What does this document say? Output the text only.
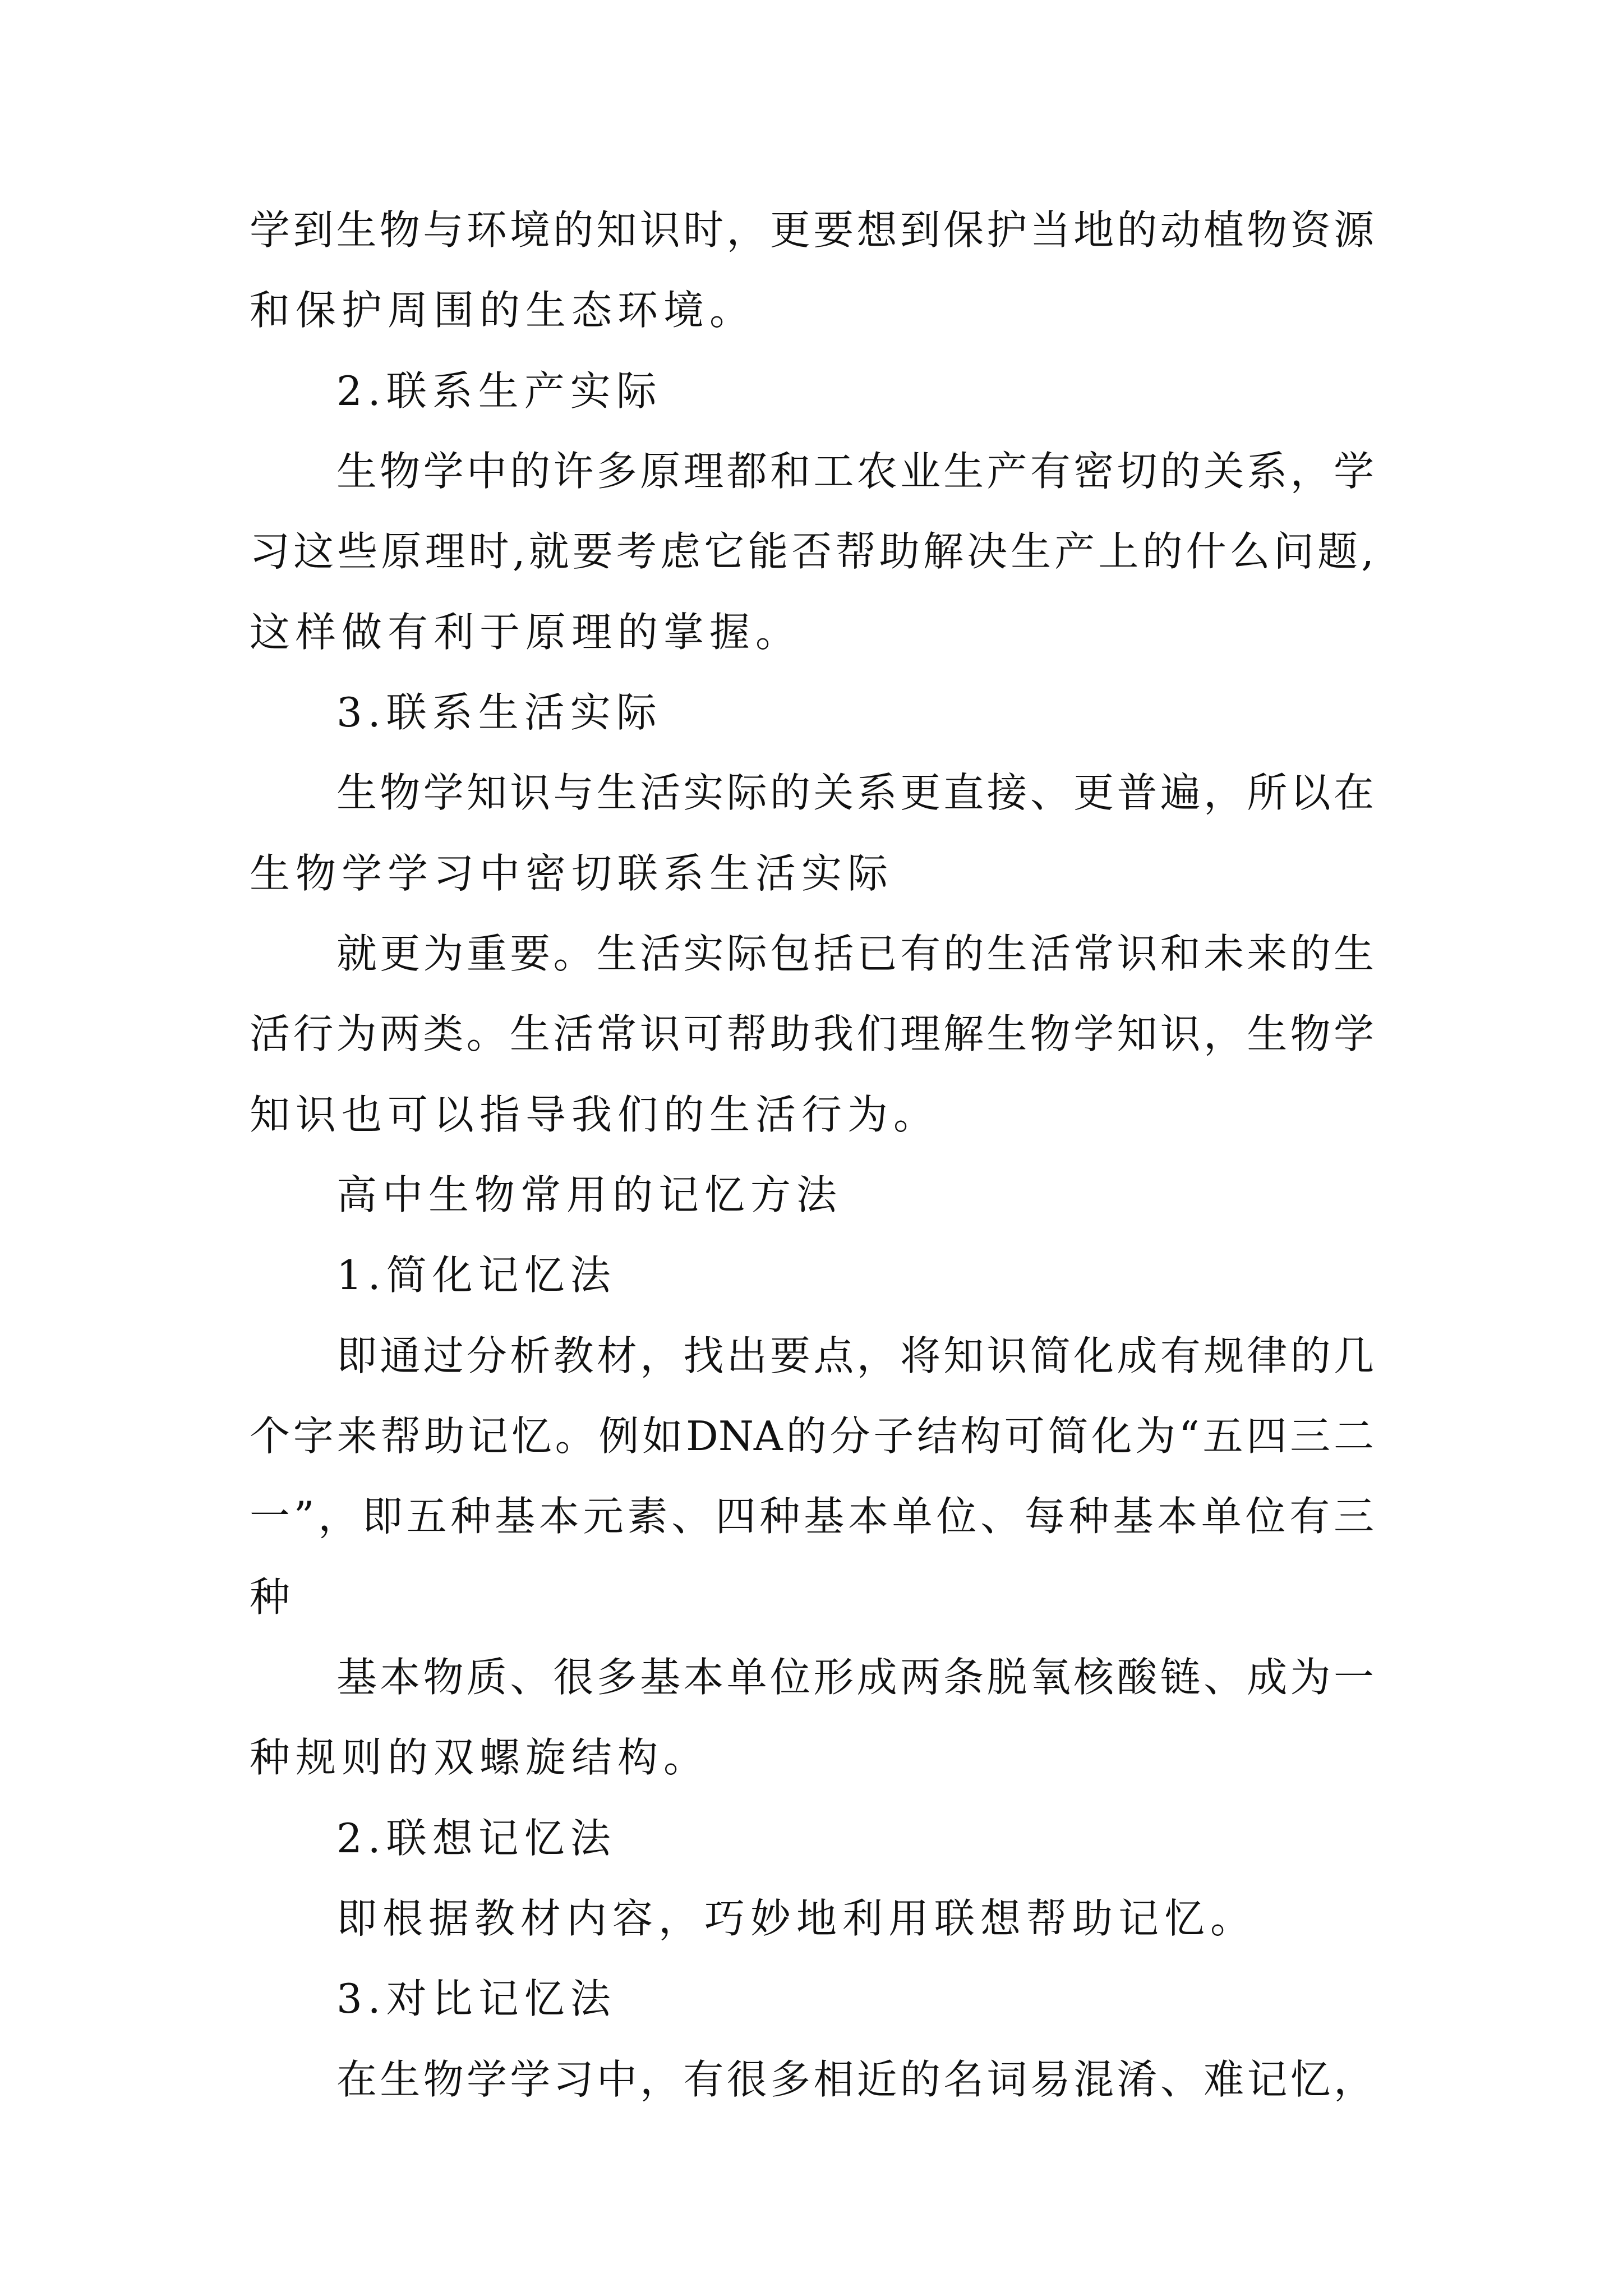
学到生物与环境的知识时，更要想到保护当地的动植物资源

和保护周围的生态环境。

2.联系生产实际

生物学中的许多原理都和工农业生产有密切的关系，学

习这些原理时,就要考虑它能否帮助解决生产上的什么问题,

这样做有利于原理的掌握。

3.联系生活实际

生物学知识与生活实际的关系更直接、更普遍，所以在

生物学学习中密切联系生活实际

就更为重要。生活实际包括已有的生活常识和未来的生

活行为两类。生活常识可帮助我们理解生物学知识，生物学

知识也可以指导我们的生活行为。

高中生物常用的记忆方法

1.简化记忆法

即通过分析教材，找出要点，将知识简化成有规律的几

个字来帮助记忆。例如DNA的分子结构可简化为“五四三二

一”，即五种基本元素、四种基本单位、每种基本单位有三

种

基本物质、很多基本单位形成两条脱氧核酸链、成为一

种规则的双螺旋结构。

2.联想记忆法

即根据教材内容，巧妙地利用联想帮助记忆。

3.对比记忆法

在生物学学习中，有很多相近的名词易混淆、难记忆，
